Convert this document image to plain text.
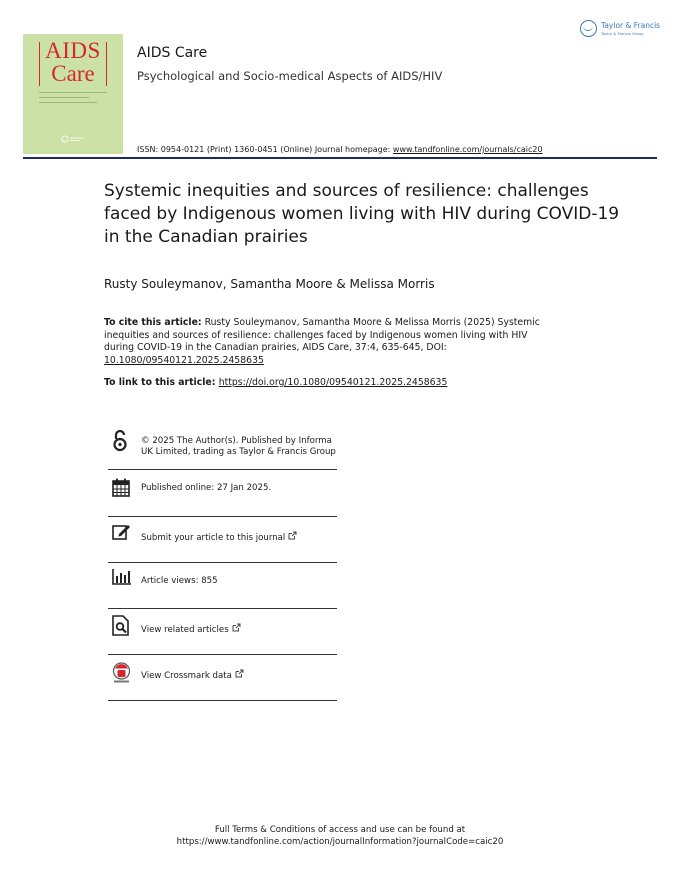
AIDS
Care
AIDS Care
Psychological and Socio-medical Aspects of AIDS/HIV
ISSN: 0954-0121 (Print) 1360-0451 (Online) Journal homepage: www.tandfonline.com/journals/caic20
Taylor & Francis
Taylor & Francis Group
Systemic inequities and sources of resilience: challenges faced by Indigenous women living with HIV during COVID-19 in the Canadian prairies
Rusty Souleymanov, Samantha Moore & Melissa Morris
To cite this article: Rusty Souleymanov, Samantha Moore & Melissa Morris (2025) Systemic inequities and sources of resilience: challenges faced by Indigenous women living with HIV during COVID-19 in the Canadian prairies, AIDS Care, 37:4, 635-645, DOI: 10.1080/09540121.2025.2458635
To link to this article: https://doi.org/10.1080/09540121.2025.2458635
© 2025 The Author(s). Published by Informa UK Limited, trading as Taylor & Francis Group
Published online: 27 Jan 2025.
Submit your article to this journal
Article views: 855
View related articles
View Crossmark data
Full Terms & Conditions of access and use can be found at
https://www.tandfonline.com/action/journalInformation?journalCode=caic20
